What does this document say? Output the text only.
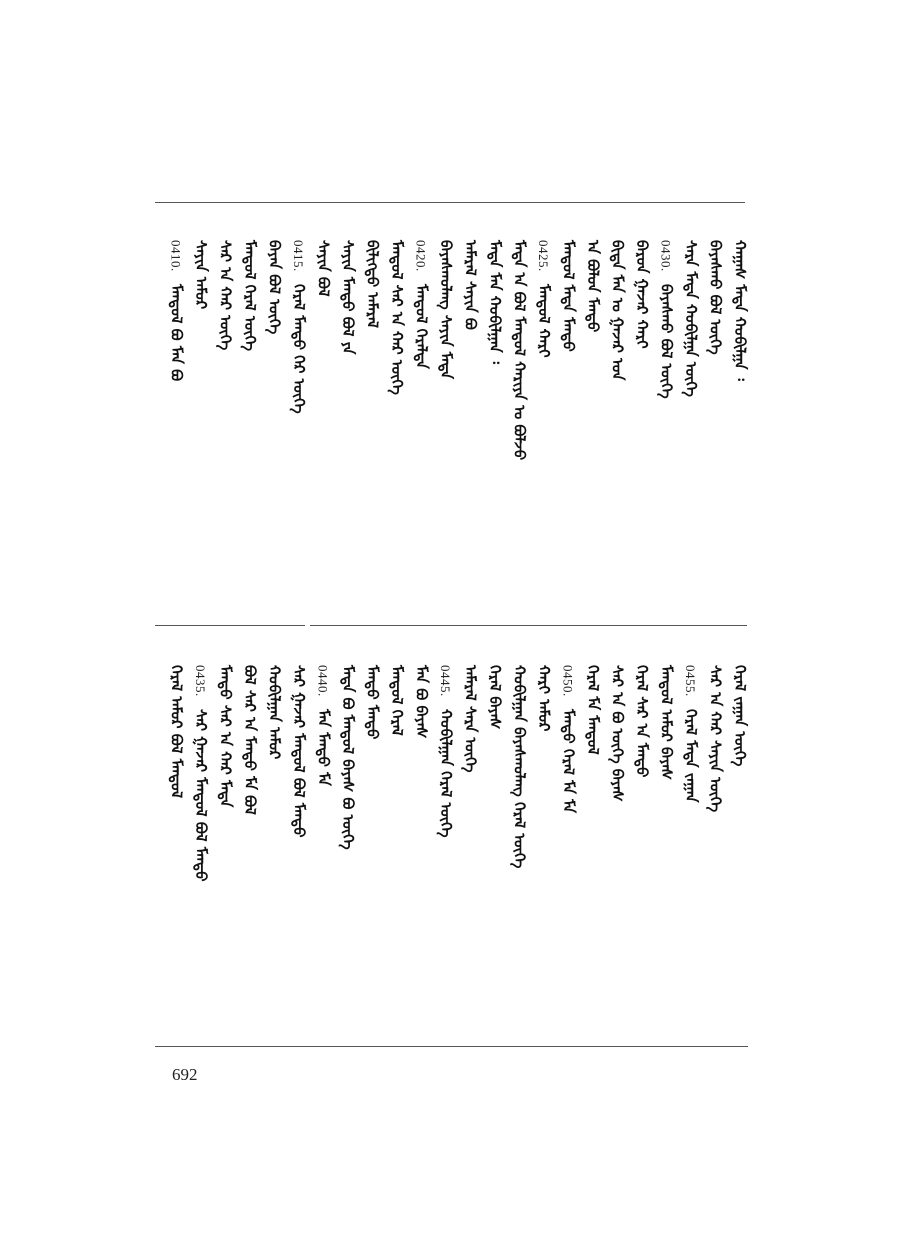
ᠬᠠᠭᠠᠰ ᠮᠡᠳᠡ ᠬᠤᠪᠢᠯᠭᠠ ᠄
ᠪᠠᠶᠠᠰᠬᠤ ᠪᠣᠯ ᠦᠭᠡ
ᠰᠠᠷᠠ ᠮᠡᠳᠡ ᠬᠤᠪᠢᠯᠭᠠ ᠦᠭᠡ
0430.
ᠪᠠᠶᠠᠰᠬᠤ ᠪᠣᠯ ᠦᠭᠡ
ᠪᠠᠷᠤᠨ ᠭᠠᠵᠠᠷ ᠬᠠᠷᠢ
ᠪᠢᠳᠡ ᠮᠠᠨ ᠤ ᠭᠠᠵᠠᠷ ᠤᠨ
ᠠ ᠪᠣᠯᠤᠨ ᠮᠠᠨᠳᠤ
ᠮᠠᠨᠳᠤᠯ ᠮᠡᠳᠡ ᠮᠠᠨᠳᠤ
0425.
ᠮᠠᠨᠳᠤᠯ ᠬᠠᠷᠢ
ᠮᠡᠳᠡ ᠠ ᠪᠣᠯ ᠮᠠᠨᠳᠤᠯ ᠬᠠᠷᠢᠶᠠ ᠣ ᠪᠣᠯᠵᠤ
ᠮᠡᠳᠡ ᠮᠠᠨ ᠬᠤᠪᠢᠯᠭᠠᠨ ᠄
ᠠᠮᠠᠷᠠᠯ ᠰᠠᠶᠢᠨ ᠪᠣ
ᠪᠠᠶᠠᠰᠬᠤᠯᠠᠩ ᠰᠠᠶᠢᠨ ᠮᠡᠳᠡ
0420.
ᠮᠠᠨᠳᠤᠯ ᠭᠡᠷᠡᠯᠲᠡ
ᠮᠠᠨᠳᠤᠯ ᠰᠠᠷ ᠠ ᠬᠠᠷ ᠦᠭᠡ
ᠪᠢᠯᠢᠭᠲᠦ ᠠᠮᠠᠷᠠᠯ
ᠰᠠᠶᠢᠨ ᠮᠠᠨᠳᠤ ᠪᠣᠯ ᠶᠠ
ᠰᠠᠶᠢᠨ ᠪᠣᠯ
0415.
ᠭᠡᠷᠡᠯ ᠮᠠᠨᠳᠤ ᠭᠡᠷ ᠦᠭᠡ
ᠪᠠᠶᠠᠨ ᠪᠣᠯ ᠦᠭᠡ
ᠮᠠᠨᠳᠤᠯ ᠭᠡᠷᠡᠯ ᠦᠭᠡ
ᠰᠠᠷ ᠠ ᠬᠠᠷ ᠦᠭᠡ
ᠰᠠᠶᠢᠨ ᠠᠮᠤᠷ
0410.
ᠮᠠᠨᠳᠤᠯ ᠪᠣ ᠮᠠᠨ ᠪᠣ
ᠭᠡᠷᠡᠯ ᠵᠠᠭᠠᠨ ᠦᠭᠡ
ᠰᠠᠷ ᠠ ᠬᠠᠷ ᠰᠠᠶᠢᠨ ᠦᠭᠡ
0455.
ᠭᠡᠷᠡᠯ ᠮᠡᠳᠡ ᠵᠠᠭᠠᠨ
ᠮᠠᠨᠳᠤᠯ ᠠᠮᠤᠷ ᠪᠠᠶᠠᠰ
ᠭᠡᠷᠡᠯ ᠰᠠᠷ ᠠ ᠮᠠᠨᠳᠤ
ᠰᠠᠷ ᠠ ᠪᠣ ᠦᠭᠡ ᠪᠠᠶᠠᠰ
ᠭᠡᠷᠡᠯ ᠮᠡ ᠮᠠᠨᠳᠤᠯ
0450.
ᠮᠠᠨᠳᠤ ᠭᠡᠷᠡᠯ ᠮᠡ ᠮᠡ
ᠬᠠᠷᠢ ᠠᠮᠤᠷ
ᠬᠤᠪᠢᠯᠭᠠᠨ ᠪᠠᠶᠠᠰᠬᠤᠯᠠᠩ ᠭᠡᠷᠡᠯ ᠦᠭᠡ
ᠭᠡᠷᠡᠯ ᠪᠠᠶᠠᠰ
ᠠᠮᠠᠷᠠᠯ ᠰᠠᠷᠠ ᠦᠭᠡ
0445.
ᠬᠤᠪᠢᠯᠭᠠᠨ ᠭᠡᠷᠡᠯ ᠦᠭᠡ
ᠮᠠᠨ ᠪᠣ ᠪᠠᠶᠠᠰ
ᠮᠠᠨᠳᠤᠯ ᠭᠡᠷᠡᠯ
ᠮᠠᠨᠳᠤ ᠮᠠᠨᠳᠤ
ᠮᠡᠳᠡ ᠪᠣ ᠮᠠᠨᠳᠤᠯ ᠪᠠᠶᠠᠰ ᠪᠣ ᠦᠭᠡ
0440.
ᠮᠠᠨ ᠮᠠᠨᠳᠤ ᠮᠡ
ᠰᠠᠷ ᠭᠠᠵᠠᠷ ᠮᠠᠨᠳᠤᠯ ᠪᠣᠯ ᠮᠠᠨᠳᠤ
ᠬᠤᠪᠢᠯᠭᠠᠨ ᠠᠮᠤᠷ
ᠪᠣᠯ ᠰᠠᠷ ᠠ ᠮᠠᠨᠳᠤ ᠮᠡ ᠪᠣᠯ
ᠮᠠᠨᠳᠤ ᠰᠠᠷ ᠠ ᠬᠠᠷ ᠮᠡᠳᠡ
0435.
ᠰᠠᠷ ᠭᠠᠵᠠᠷ ᠮᠠᠨᠳᠤᠯ ᠪᠣᠯ ᠮᠠᠨᠳᠤ
ᠭᠡᠷᠡᠯ ᠠᠮᠤᠷ ᠪᠣᠯ ᠮᠠᠨᠳᠤᠯ
692
